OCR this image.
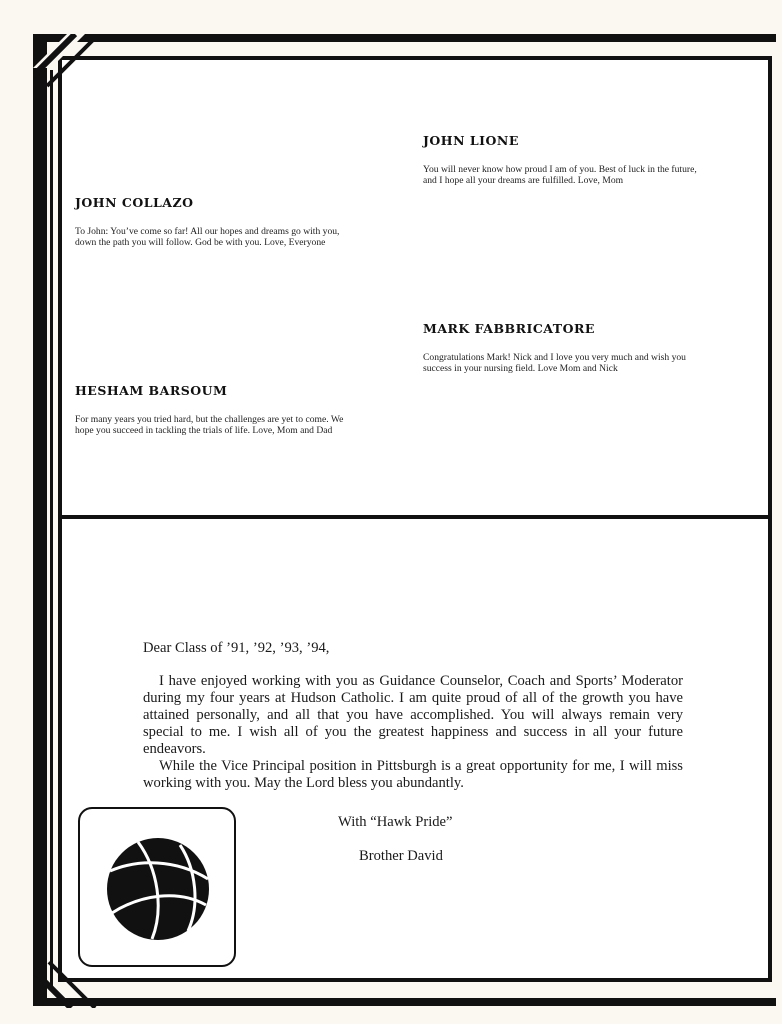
JOHN LIONE

You will never know how proud I am of you. Best of luck in the future,
and I hope all your dreams are fulfilled. Love, Mom

JOHN COLLAZO

To John: You’ve come so far! All our hopes and dreams go with you,
down the path you will follow. God be with you. Love, Everyone

MARK FABBRICATORE

Congratulations Mark! Nick and I love you very much and wish you
success in your nursing field. Love Mom and Nick

HESHAM BARSOUM

For many years you tried hard, but the challenges are yet to come. We
hope you succeed in tackling the trials of life. Love, Mom and Dad

Dear Class of ’91, ’92, ’93, ’94,

I have enjoyed working with you as Guidance Counselor, Coach and Sports’ Moderator during my four years at Hudson Catholic. I am quite proud of all of the growth you have attained personally, and all that you have accomplished. You will always remain very special to me. I wish all of you the greatest happiness and success in all your future endeavors.

While the Vice Principal position in Pittsburgh is a great opportunity for me, I will miss working with you. May the Lord bless you abundantly.

With “Hawk Pride”

Brother David
